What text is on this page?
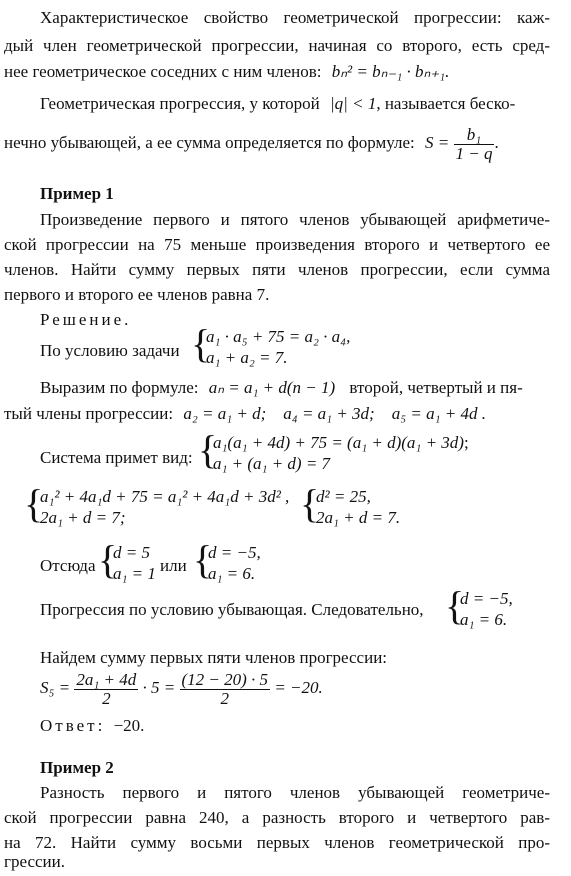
Характеристическое свойство геометрической прогрессии: каж-
дый член геометрической прогрессии, начиная со второго, есть сред-
нее геометрическое соседних с ним членов: bₙ² = bₙ₋₁ · bₙ₊₁.
Геометрическая прогрессия, у которой |q| < 1, называется беско-
нечно убывающей, а ее сумма определяется по формуле: $S = \frac{\text{b₁}}{1 - q}$ .
Пример 1
Произведение первого и пятого членов убывающей арифметиче-
ской прогрессии на 75 меньше произведения второго и четвертого ее
членов. Найти сумму первых пяти членов прогрессии, если сумма
первого и второго ее членов равна 7.
Решение.
По условию задачи {
a₁ · a₅ + 75 = a₂ · a₄,
a₁ + a₂ = 7.
Выразим по формуле: aₙ = a₁ + d(n − 1) второй, четвертый и пя-
тый члены прогрессии: a₂ = a₁ + d;    a₄ = a₁ + 3d;    a₅ = a₁ + 4d .
Система примет вид: {
a₁(a₁ + 4d) + 75 = (a₁ + d)(a₁ + 3d);
a₁ + (a₁ + d) = 7
{
a₁² + 4a₁d + 75 = a₁² + 4a₁d + 3d² ,
2a₁ + d = 7;	{
d² = 25,
2a₁ + d = 7.
Отсюда {
d = 5
a₁ = 1 или {
d = −5,
a₁ = 6.
Прогрессия по условию убывающая. Следовательно, {
d = −5,
a₁ = 6.
Найдем сумму первых пяти членов прогрессии:
$S_5 = \frac{\text{2a₁ + 4d}}{2} \cdot 5 = \frac{(12 - 20) \cdot 5}{2} = -20$.
Ответ: −20.
Пример 2
Разность первого и пятого членов убывающей геометриче-
ской прогрессии равна 240, а разность второго и четвертого рав-
на 72. Найти сумму восьми первых членов геометрической про-
грессии.
